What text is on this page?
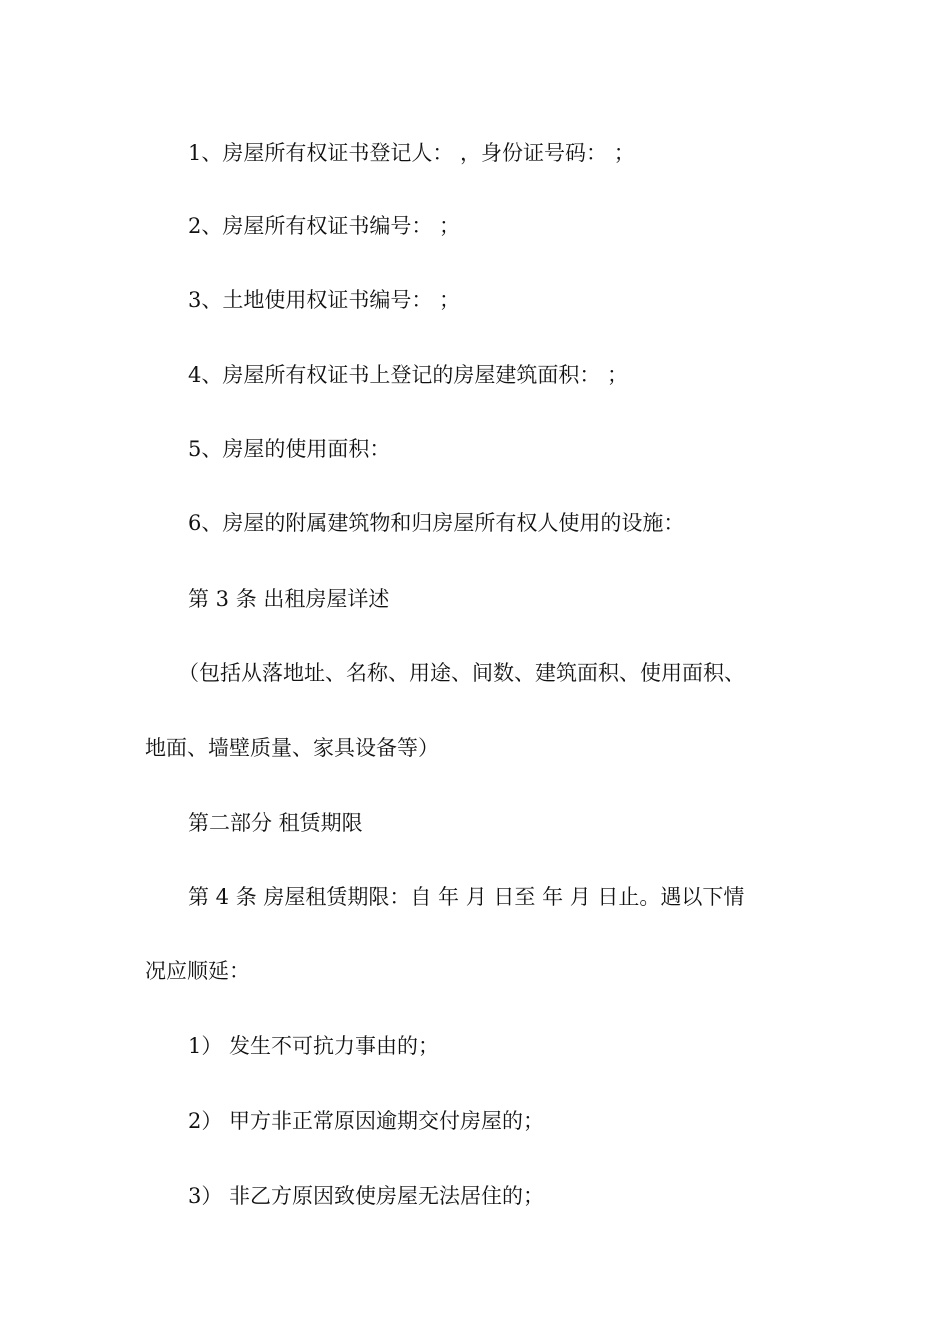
1、房屋所有权证书登记人： ，身份证号码： ；
2、房屋所有权证书编号： ；
3、土地使用权证书编号： ；
4、房屋所有权证书上登记的房屋建筑面积： ；
5、房屋的使用面积：
6、房屋的附属建筑物和归房屋所有权人使用的设施：
第 3 条 出租房屋详述
（包括从落地址、名称、用途、间数、建筑面积、使用面积、
地面、墙壁质量、家具设备等）
第二部分 租赁期限
第 4 条 房屋租赁期限：自 年 月 日至 年 月 日止。遇以下情
况应顺延：
1） 发生不可抗力事由的；
2） 甲方非正常原因逾期交付房屋的；
3） 非乙方原因致使房屋无法居住的；
